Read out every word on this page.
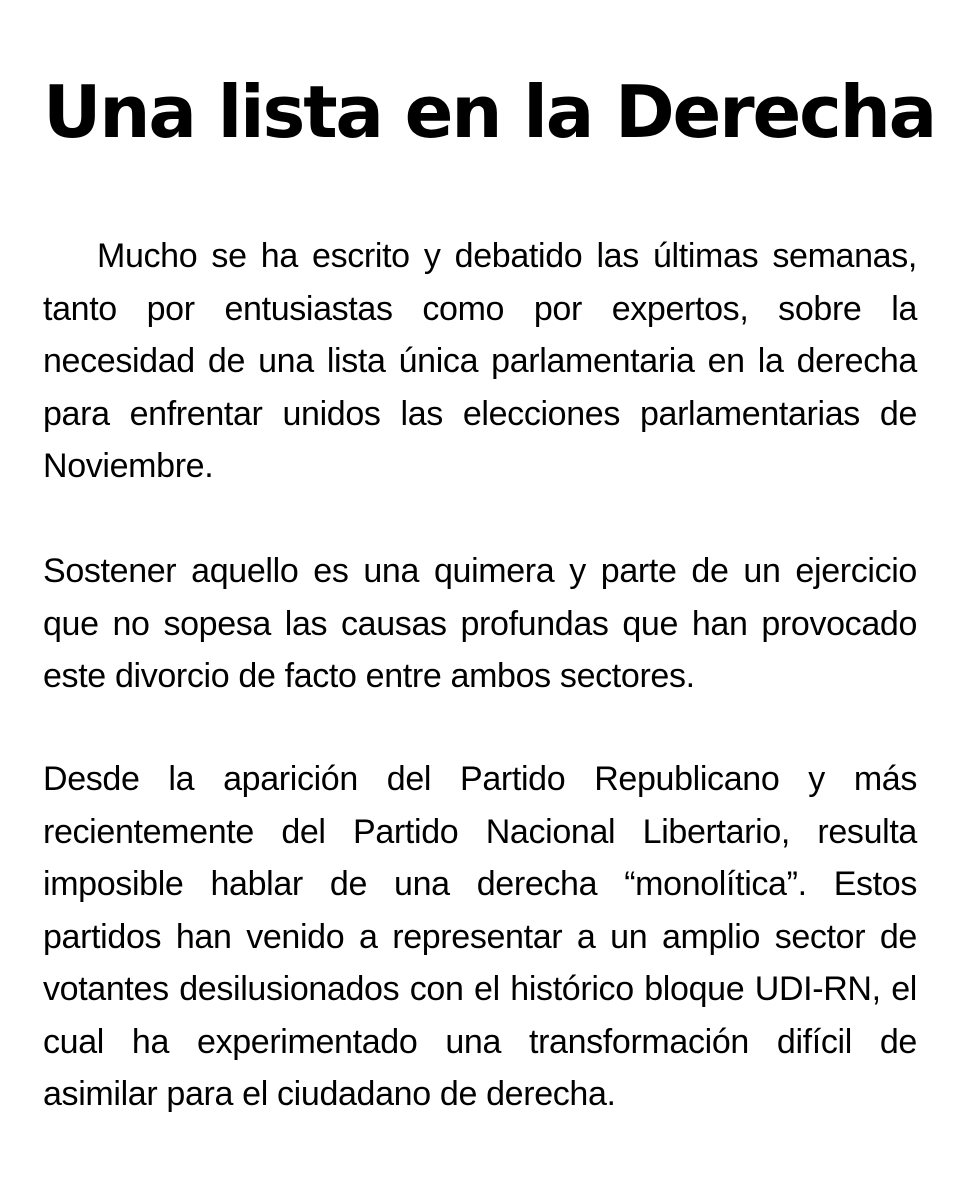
Una lista en la Derecha

Mucho se ha escrito y debatido las últimas semanas, tanto por entusiastas como por expertos, sobre la necesidad de una lista única parlamentaria en la derecha para enfrentar unidos las elecciones parlamentarias de Noviembre.

Sostener aquello es una quimera y parte de un ejercicio que no sopesa las causas profundas que han provocado este divorcio de facto entre ambos sectores.

Desde la aparición del Partido Republicano y más recientemente del Partido Nacional Libertario, resulta imposible hablar de una derecha “monolítica”. Estos partidos han venido a representar a un amplio sector de votantes desilusionados con el histórico bloque UDI-RN, el cual ha experimentado una transformación difícil de asimilar para el ciudadano de derecha.
